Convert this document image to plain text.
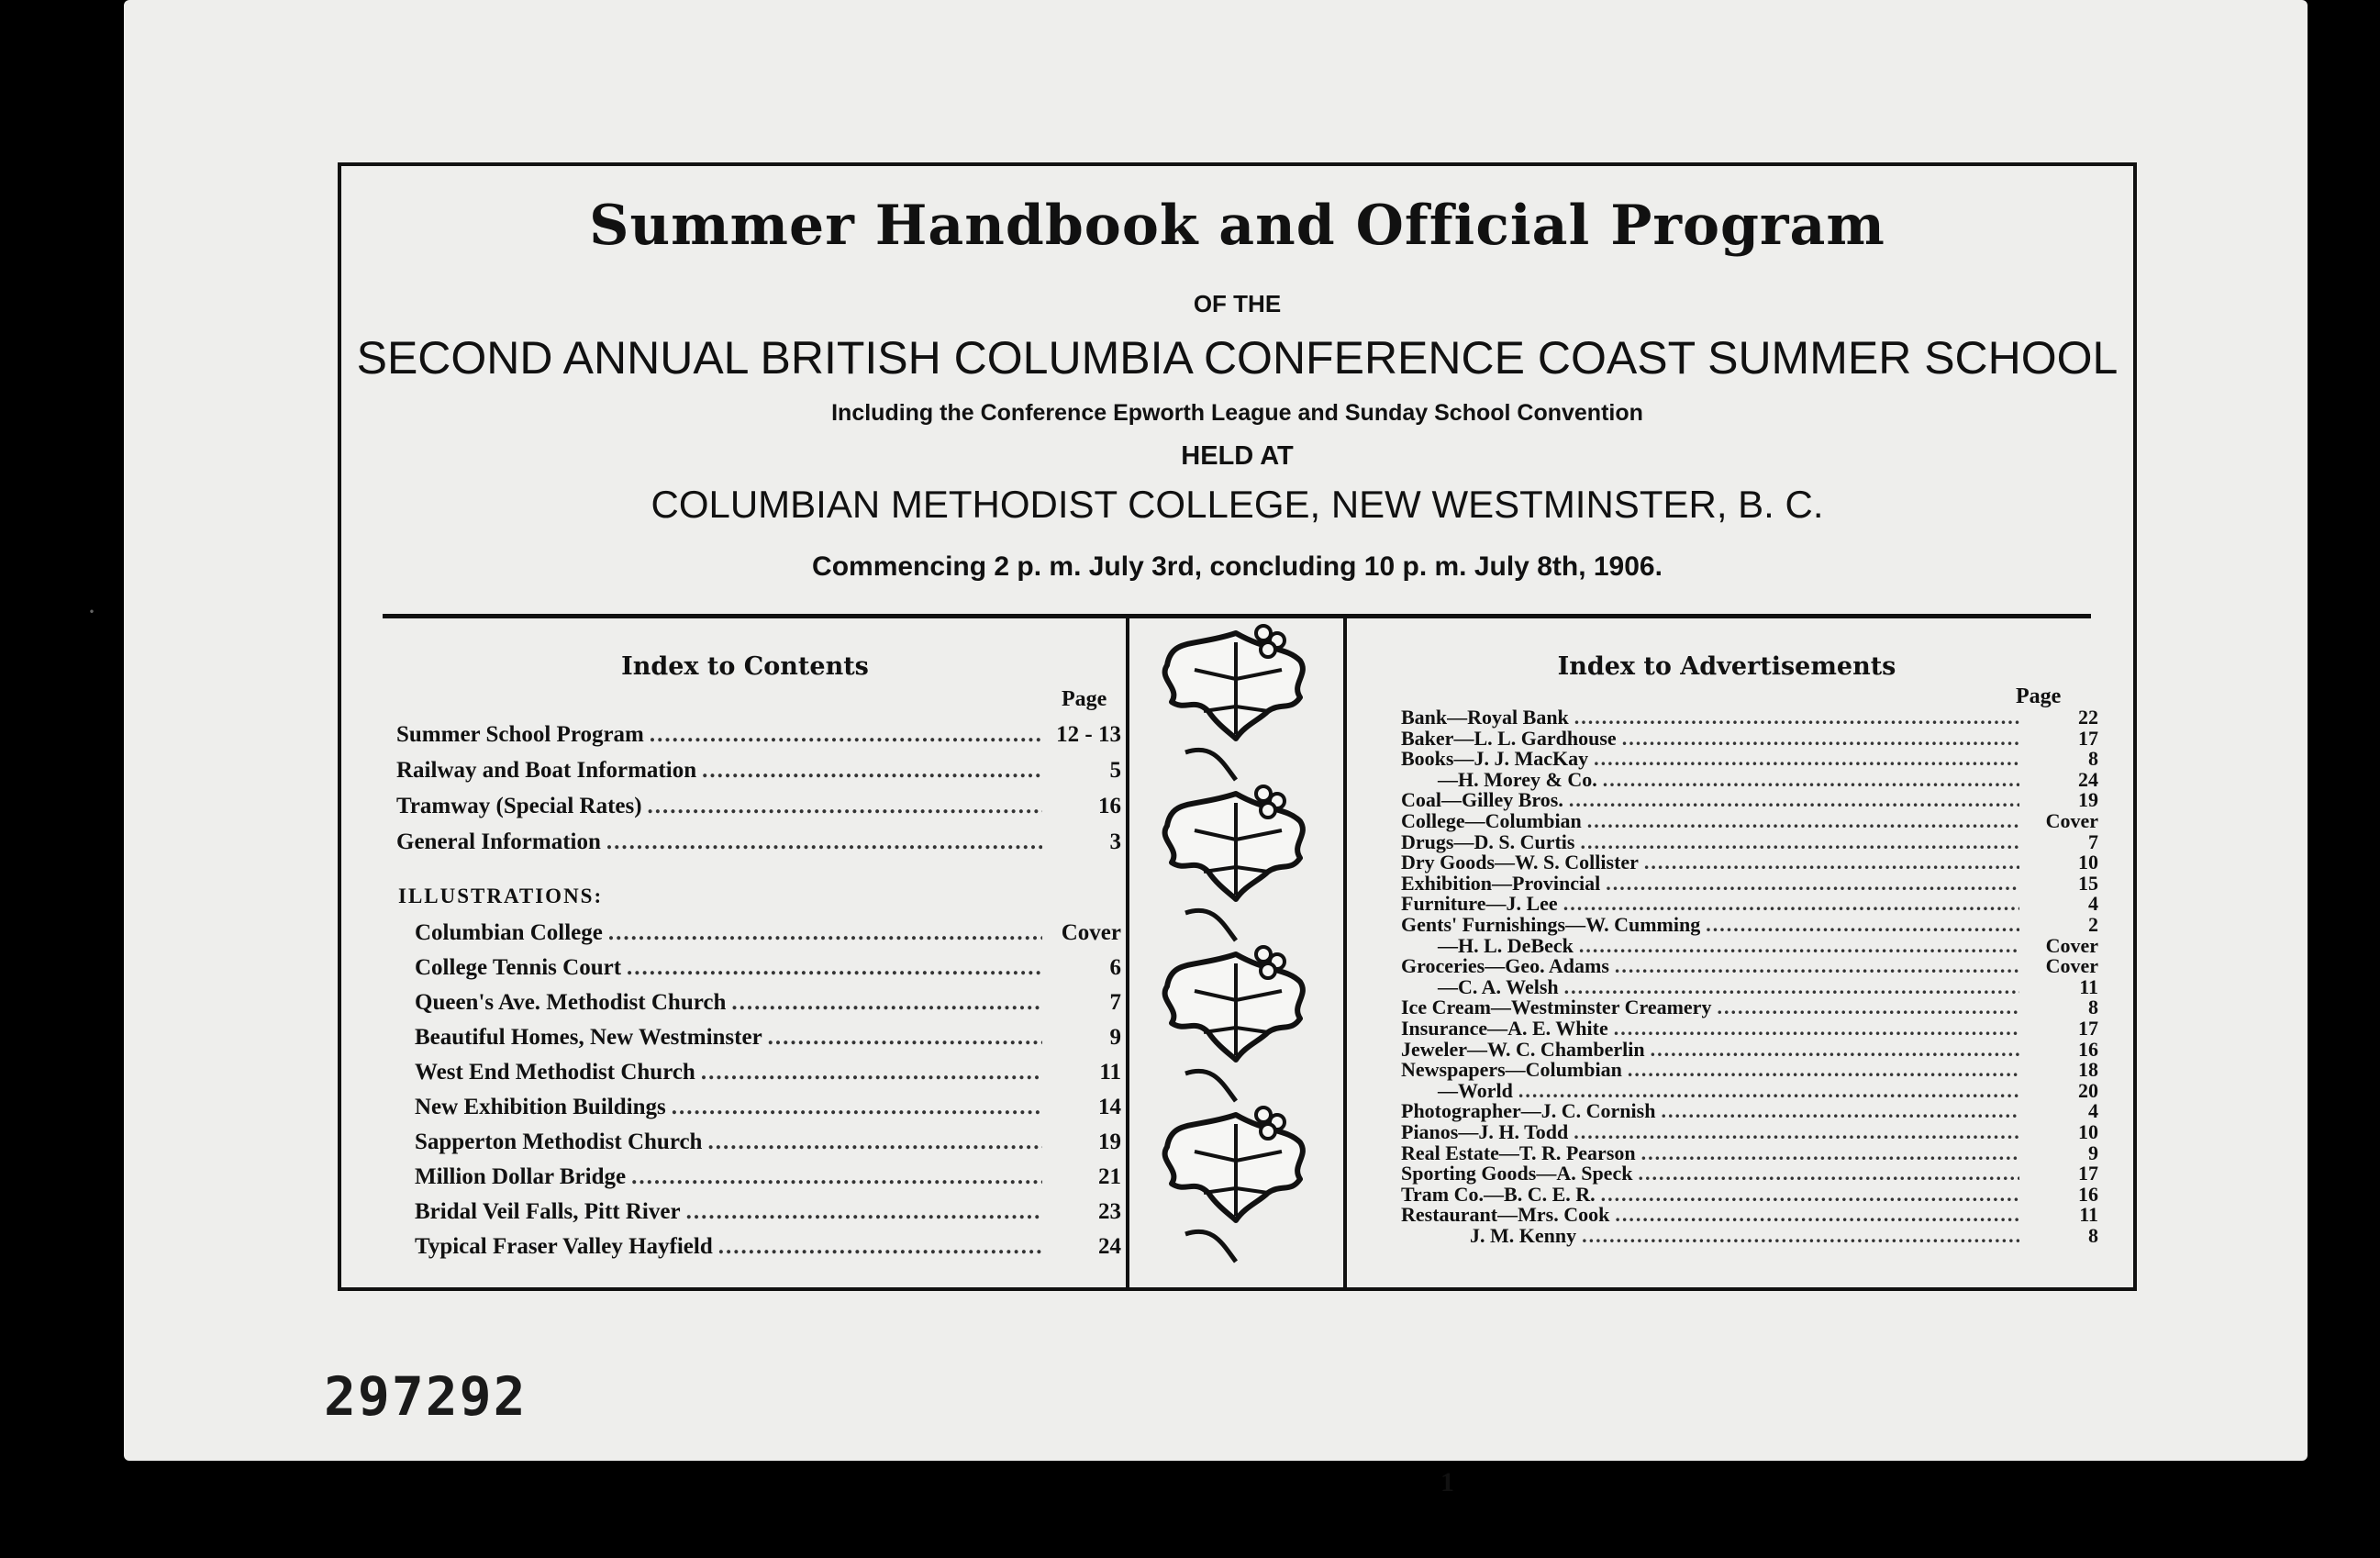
·
Summer Handbook and Official Program
OF THE
SECOND ANNUAL BRITISH COLUMBIA CONFERENCE COAST SUMMER SCHOOL
Including the Conference Epworth League and Sunday School Convention
HELD AT
COLUMBIAN METHODIST COLLEGE, NEW WESTMINSTER, B. C.
Commencing 2 p. m. July 3rd, concluding 10 p. m. July 8th, 1906.
Index to Contents
Page
Summer School Program .....	12 - 13
Railway and Boat Information .....	5
Tramway (Special Rates) .....	16
General Information .....	3
ILLUSTRATIONS:
Columbian College .....	Cover
College Tennis Court .....	6
Queen's Ave. Methodist Church .....	7
Beautiful Homes, New Westminster .....	9
West End Methodist Church .....	11
New Exhibition Buildings .....	14
Sapperton Methodist Church .....	19
Million Dollar Bridge .....	21
Bridal Veil Falls, Pitt River .....	23
Typical Fraser Valley Hayfield .....	24
Index to Advertisements
Page
Bank—Royal Bank .....	22
Baker—L. L. Gardhouse .....	17
Books—J. J. MacKay .....	8
—H. Morey & Co. .....	24
Coal—Gilley Bros. .....	19
College—Columbian .....	Cover
Drugs—D. S. Curtis .....	7
Dry Goods—W. S. Collister .....	10
Exhibition—Provincial .....	15
Furniture—J. Lee .....	4
Gents' Furnishings—W. Cumming .....	2
—H. L. DeBeck .....	Cover
Groceries—Geo. Adams .....	Cover
—C. A. Welsh .....	11
Ice Cream—Westminster Creamery .....	8
Insurance—A. E. White .....	17
Jeweler—W. C. Chamberlin .....	16
Newspapers—Columbian .....	18
—World .....	20
Photographer—J. C. Cornish .....	4
Pianos—J. H. Todd .....	10
Real Estate—T. R. Pearson .....	9
Sporting Goods—A. Speck .....	17
Tram Co.—B. C. E. R. .....	16
Restaurant—Mrs. Cook .....	11
J. M. Kenny .....	8
1
297292
